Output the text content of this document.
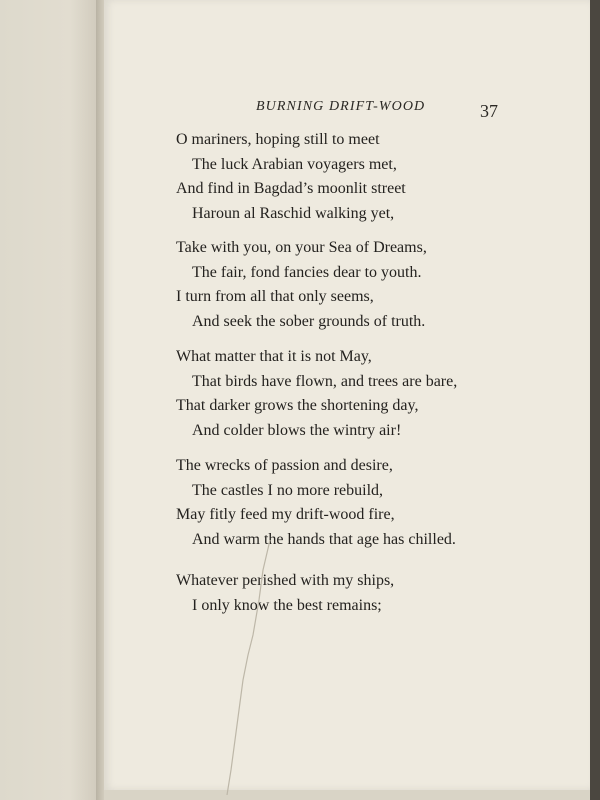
BURNING DRIFT-WOOD	37
O mariners, hoping still to meet
The luck Arabian voyagers met,
And find in Bagdad’s moonlit street
Haroun al Raschid walking yet,
Take with you, on your Sea of Dreams,
The fair, fond fancies dear to youth.
I turn from all that only seems,
And seek the sober grounds of truth.
What matter that it is not May,
That birds have flown, and trees are bare,
That darker grows the shortening day,
And colder blows the wintry air!
The wrecks of passion and desire,
The castles I no more rebuild,
May fitly feed my drift-wood fire,
And warm the hands that age has chilled.
Whatever perished with my ships,
I only know the best remains;
